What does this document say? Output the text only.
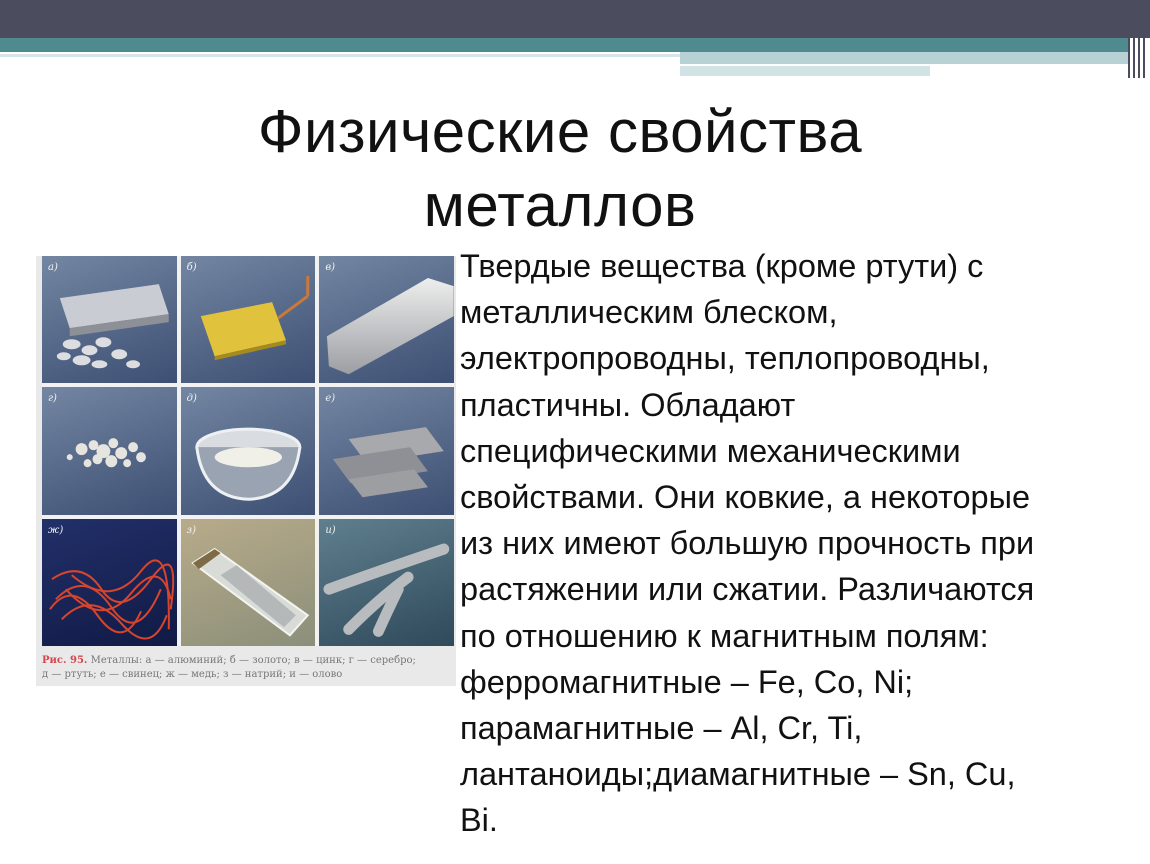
Физические свойства
металлов
а)	б)	в)
г)	д)	е)
ж)	з)	и)
Рис. 95. Металлы: а — алюминий; б — золото; в — цинк; г — серебро;
д — ртуть; е — свинец; ж — медь; з — натрий; и — олово
Твердые вещества (кроме ртути) с
металлическим блеском,
электропроводны, теплопроводны,
пластичны. Обладают
специфическими механическими
свойствами. Они ковкие, а некоторые
из них имеют большую прочность при
растяжении или сжатии. Различаются
по отношению к магнитным полям:
ферромагнитные – Fe, Co, Ni;
парамагнитные – Al, Cr, Ti,
лантаноиды;диамагнитные – Sn, Cu,
Bi.
